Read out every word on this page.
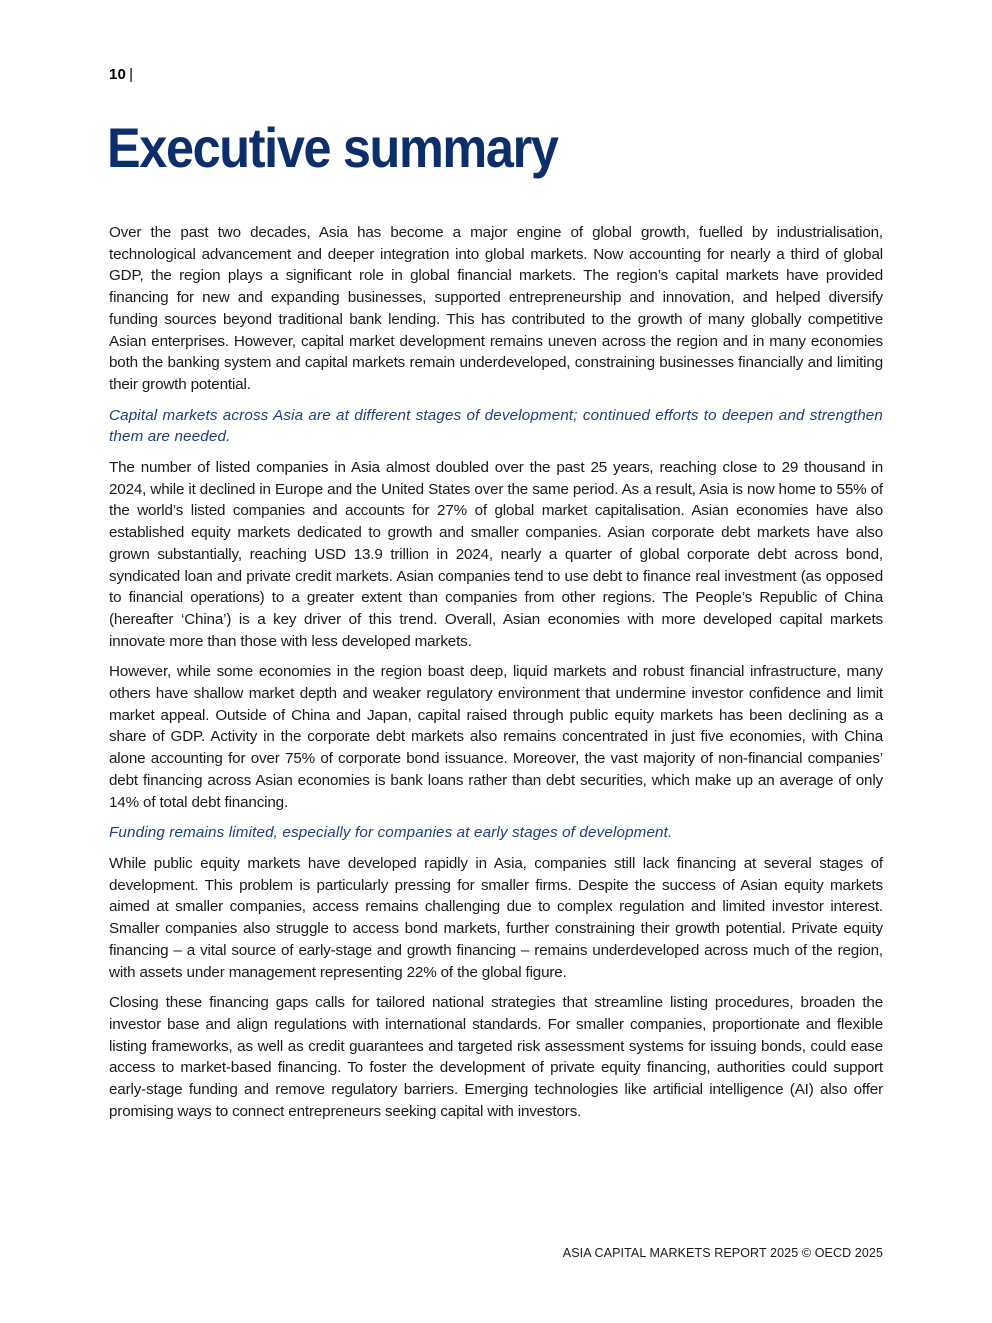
10 |
Executive summary

Over the past two decades, Asia has become a major engine of global growth, fuelled by industrialisation, technological advancement and deeper integration into global markets. Now accounting for nearly a third of global GDP, the region plays a significant role in global financial markets. The region’s capital markets have provided financing for new and expanding businesses, supported entrepreneurship and innovation, and helped diversify funding sources beyond traditional bank lending. This has contributed to the growth of many globally competitive Asian enterprises. However, capital market development remains uneven across the region and in many economies both the banking system and capital markets remain underdeveloped, constraining businesses financially and limiting their growth potential.

Capital markets across Asia are at different stages of development; continued efforts to deepen and strengthen them are needed.

The number of listed companies in Asia almost doubled over the past 25 years, reaching close to 29 thousand in 2024, while it declined in Europe and the United States over the same period. As a result, Asia is now home to 55% of the world’s listed companies and accounts for 27% of global market capitalisation. Asian economies have also established equity markets dedicated to growth and smaller companies. Asian corporate debt markets have also grown substantially, reaching USD 13.9 trillion in 2024, nearly a quarter of global corporate debt across bond, syndicated loan and private credit markets. Asian companies tend to use debt to finance real investment (as opposed to financial operations) to a greater extent than companies from other regions. The People’s Republic of China (hereafter ‘China’) is a key driver of this trend. Overall, Asian economies with more developed capital markets innovate more than those with less developed markets.

However, while some economies in the region boast deep, liquid markets and robust financial infrastructure, many others have shallow market depth and weaker regulatory environment that undermine investor confidence and limit market appeal. Outside of China and Japan, capital raised through public equity markets has been declining as a share of GDP. Activity in the corporate debt markets also remains concentrated in just five economies, with China alone accounting for over 75% of corporate bond issuance. Moreover, the vast majority of non-financial companies’ debt financing across Asian economies is bank loans rather than debt securities, which make up an average of only 14% of total debt financing.

Funding remains limited, especially for companies at early stages of development.

While public equity markets have developed rapidly in Asia, companies still lack financing at several stages of development. This problem is particularly pressing for smaller firms. Despite the success of Asian equity markets aimed at smaller companies, access remains challenging due to complex regulation and limited investor interest. Smaller companies also struggle to access bond markets, further constraining their growth potential. Private equity financing – a vital source of early-stage and growth financing – remains underdeveloped across much of the region, with assets under management representing 22% of the global figure.

Closing these financing gaps calls for tailored national strategies that streamline listing procedures, broaden the investor base and align regulations with international standards. For smaller companies, proportionate and flexible listing frameworks, as well as credit guarantees and targeted risk assessment systems for issuing bonds, could ease access to market-based financing. To foster the development of private equity financing, authorities could support early-stage funding and remove regulatory barriers. Emerging technologies like artificial intelligence (AI) also offer promising ways to connect entrepreneurs seeking capital with investors.

ASIA CAPITAL MARKETS REPORT 2025 © OECD 2025
